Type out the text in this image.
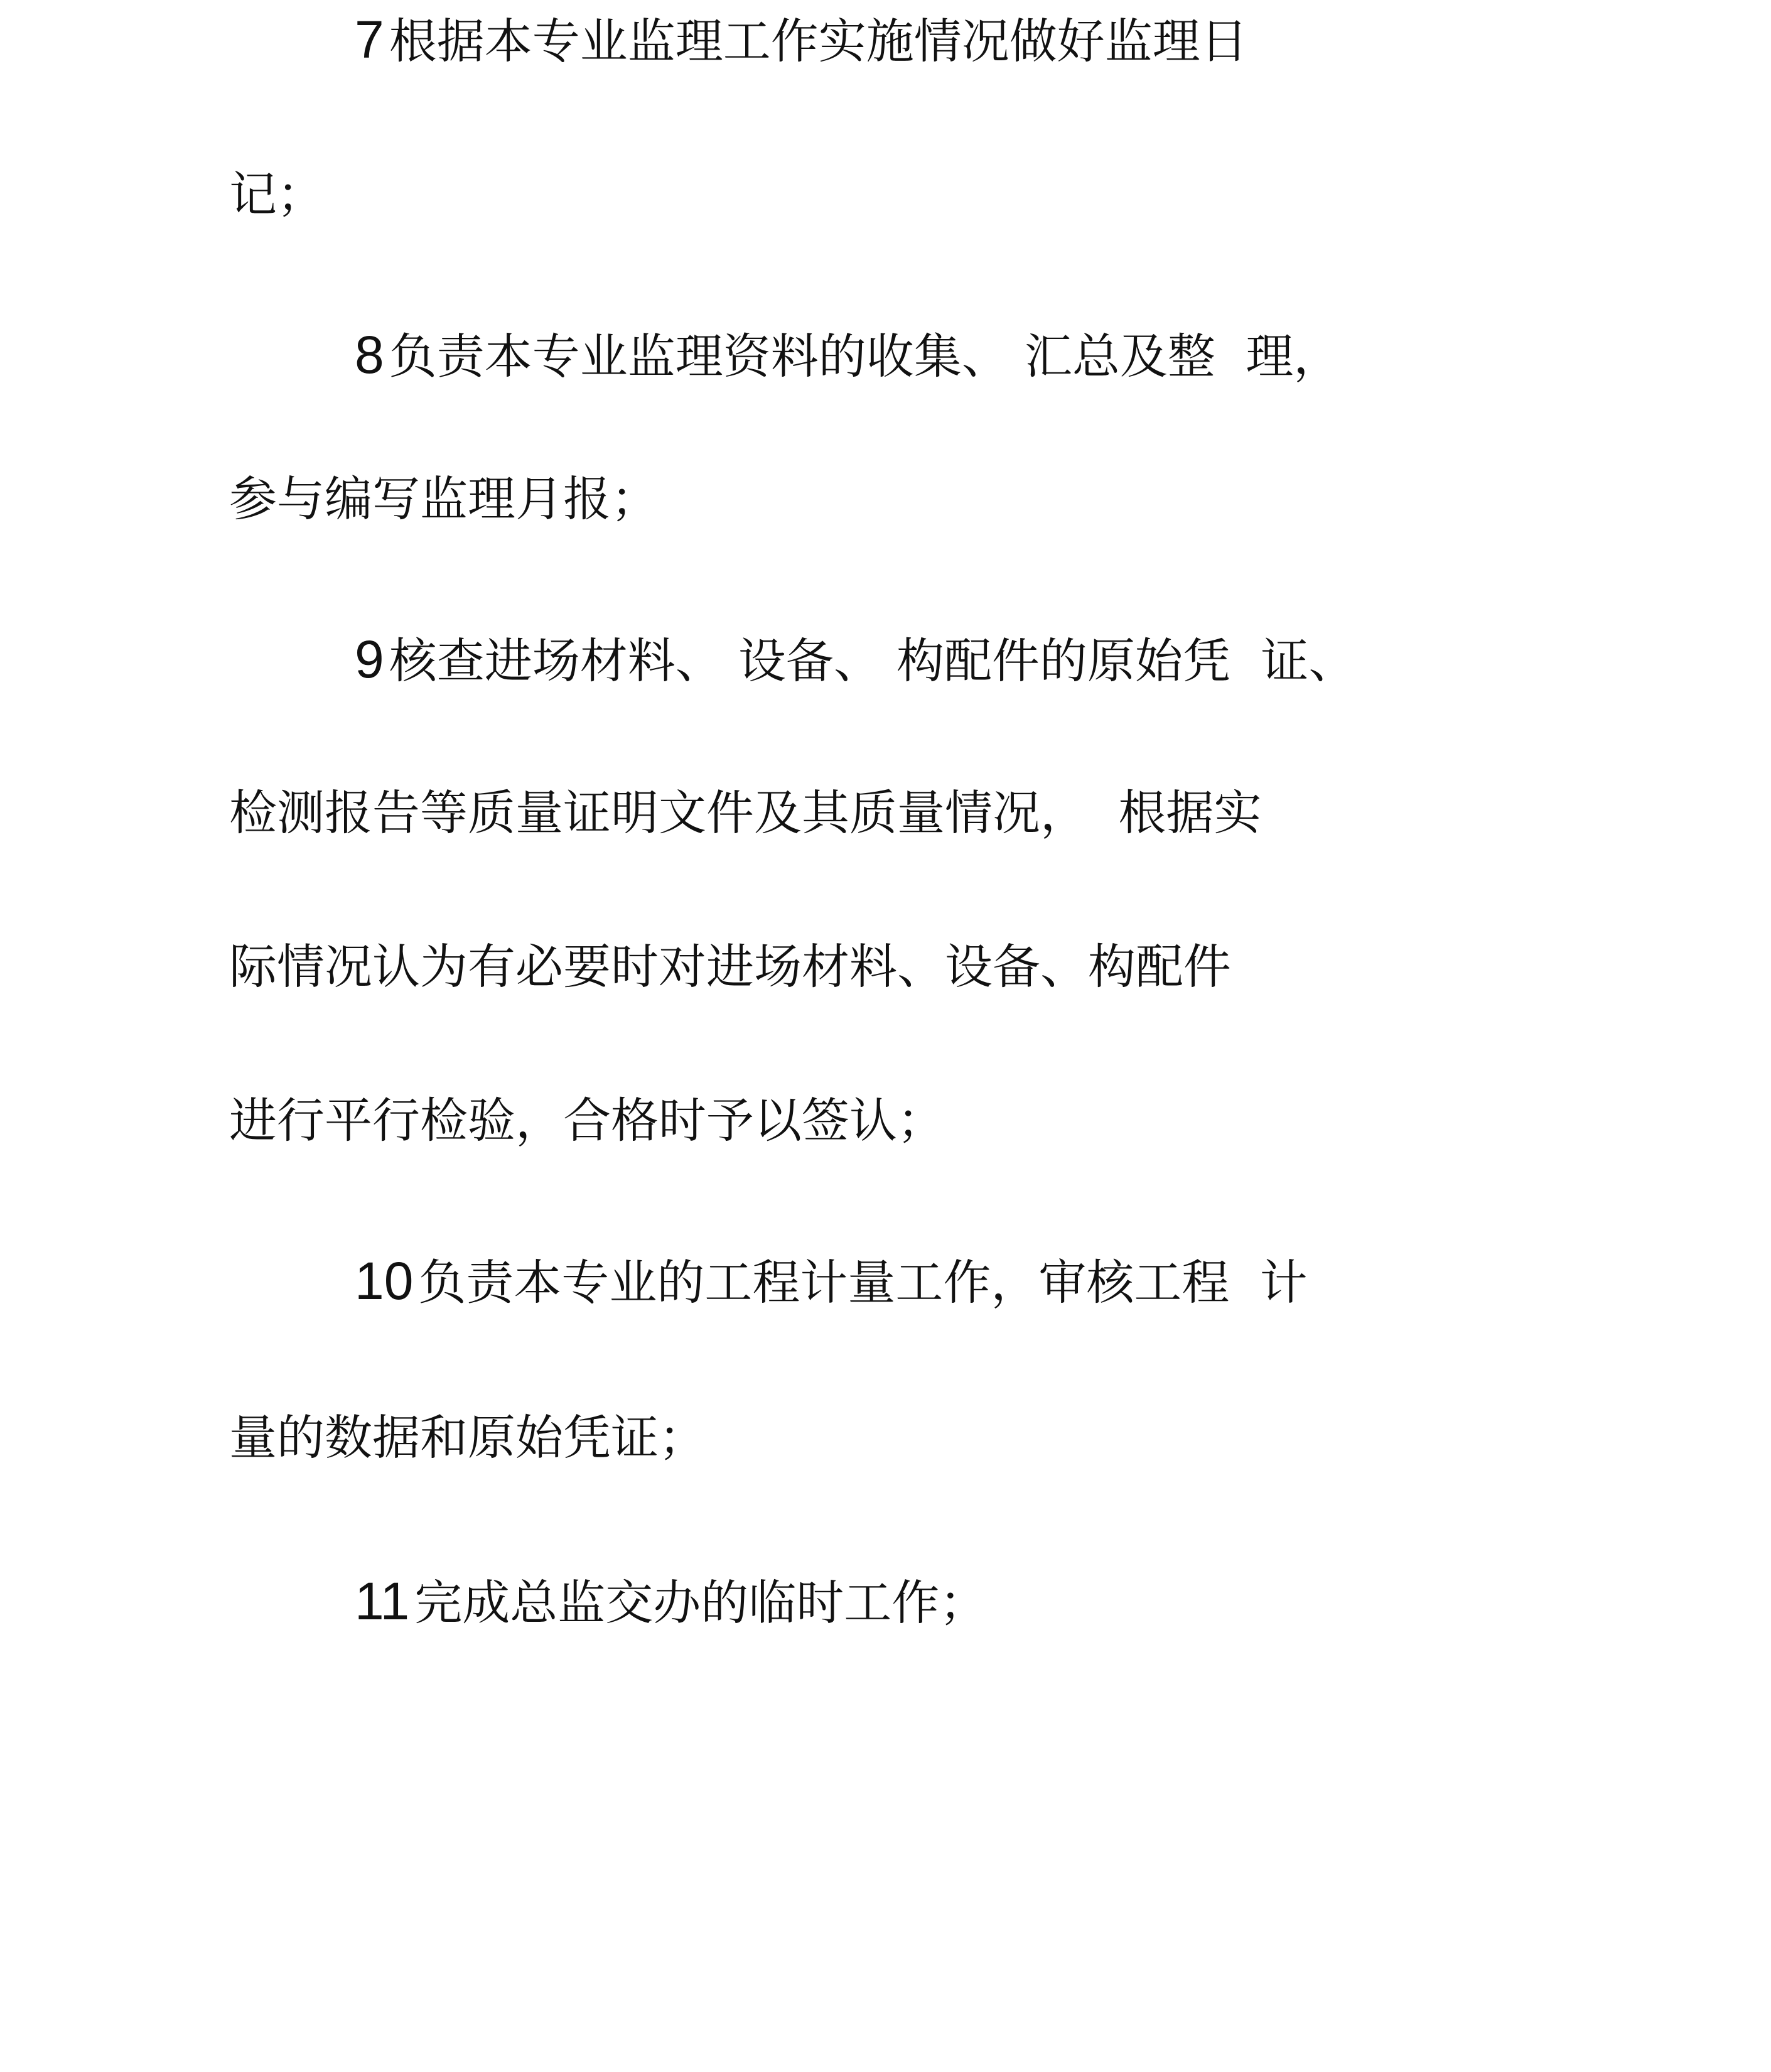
7 根据本专业监理工作实施情况做好监理日
记；
8 负责本专业监理资料的收集、 汇总及整  理，
参与编写监理月报；
9 核查进场材料、 设备、 构配件的原始凭  证、
检测报告等质量证明文件及其质量情况，  根据实
际情况认为有必要时对进场材料、设备、构配件
进行平行检验，合格时予以签认；
10 负责本专业的工程计量工作，审核工程  计
量的数据和原始凭证；
11 完成总监交办的临时工作；
